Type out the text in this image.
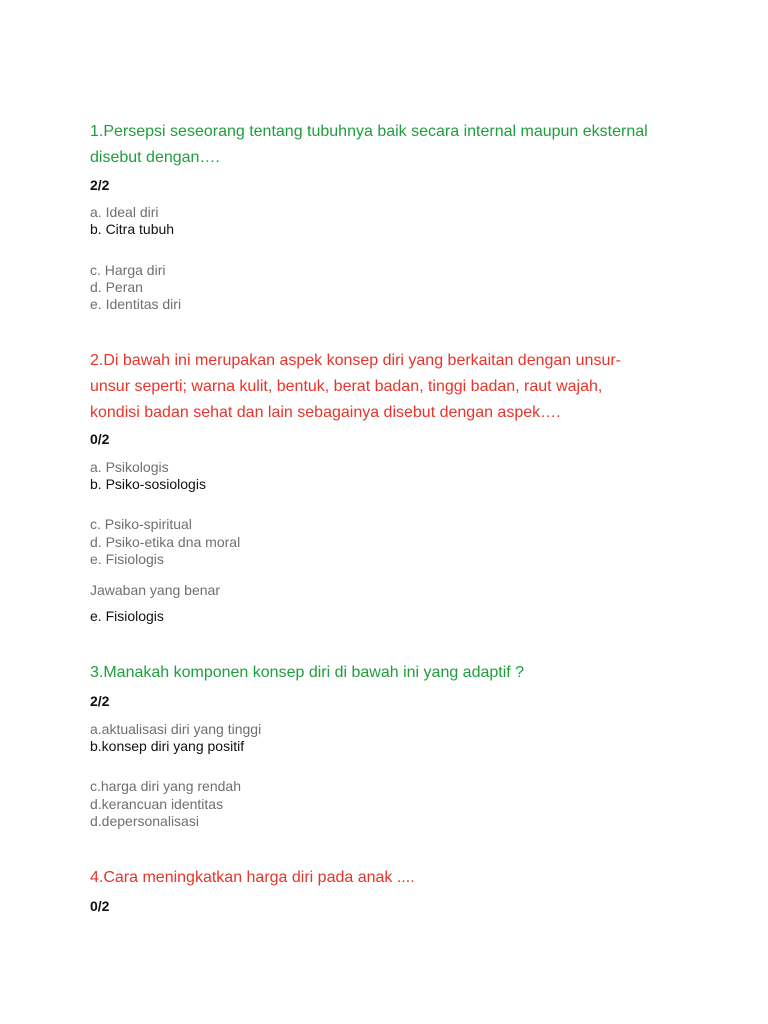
1.Persepsi seseorang tentang tubuhnya baik secara internal maupun eksternal disebut dengan….

2/2

a. Ideal diri

b. Citra tubuh

c. Harga diri

d. Peran

e. Identitas diri

2.Di bawah ini merupakan aspek konsep diri yang berkaitan dengan unsur-unsur seperti; warna kulit, bentuk, berat badan, tinggi badan, raut wajah, kondisi badan sehat dan lain sebagainya disebut dengan aspek….

0/2

a. Psikologis

b. Psiko-sosiologis

c. Psiko-spiritual

d. Psiko-etika dna moral

e. Fisiologis

Jawaban yang benar

e. Fisiologis

3.Manakah komponen konsep diri di bawah ini yang adaptif ?

2/2

a.aktualisasi diri yang tinggi

b.konsep diri yang positif

c.harga diri yang rendah

d.kerancuan identitas

d.depersonalisasi

4.Cara meningkatkan harga diri pada anak ....

0/2
